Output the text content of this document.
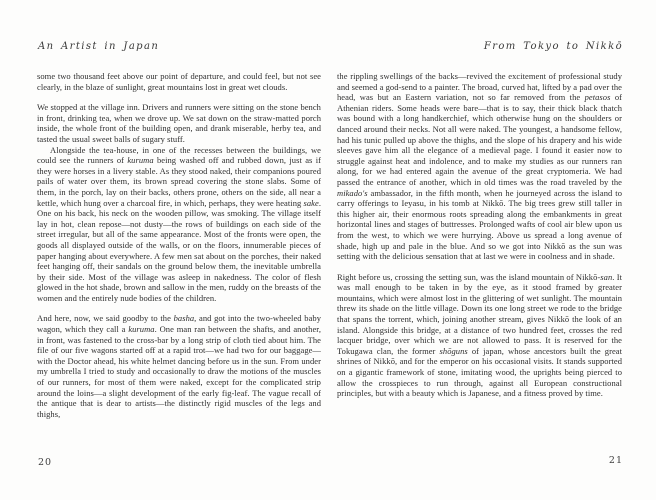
An Artist in Japan

some two thousand feet above our point of departure, and could feel, but not see clearly, in the blaze of sunlight, great mountains lost in great wet clouds.

We stopped at the village inn. Drivers and runners were sitting on the stone bench in front, drinking tea, when we drove up. We sat down on the straw-matted porch inside, the whole front of the building open, and drank miserable, herby tea, and tasted the usual sweet balls of sugary stuff.

Alongside the tea-house, in one of the recesses between the buildings, we could see the runners of kuruma being washed off and rubbed down, just as if they were horses in a livery stable. As they stood naked, their companions poured pails of water over them, its brown spread covering the stone slabs. Some of them, in the porch, lay on their backs, others prone, others on the side, all near a kettle, which hung over a charcoal fire, in which, perhaps, they were heating sake. One on his back, his neck on the wooden pillow, was smoking. The village itself lay in hot, clean repose—not dusty—the rows of buildings on each side of the street irregular, but all of the same appearance. Most of the fronts were open, the goods all displayed outside of the walls, or on the floors, innumerable pieces of paper hanging about everywhere. A few men sat about on the porches, their naked feet hanging off, their sandals on the ground below them, the inevitable umbrella by their side. Most of the village was asleep in nakedness. The color of flesh glowed in the hot shade, brown and sallow in the men, ruddy on the breasts of the women and the entirely nude bodies of the children.

And here, now, we said goodby to the basha, and got into the two-wheeled baby wagon, which they call a kuruma. One man ran between the shafts, and another, in front, was fastened to the cross-bar by a long strip of cloth tied about him. The file of our five wagons started off at a rapid trot—we had two for our baggage—with the Doctor ahead, his white helmet dancing before us in the sun. From under my umbrella I tried to study and occasionally to draw the motions of the muscles of our runners, for most of them were naked, except for the complicated strip around the loins—a slight development of the early fig-leaf. The vague recall of the antique that is dear to artists—the distinctly rigid muscles of the legs and thighs,

20
From Tokyo to Nikkō

the rippling swellings of the backs—revived the excitement of professional study and seemed a god-send to a painter. The broad, curved hat, lifted by a pad over the head, was but an Eastern variation, not so far removed from the petasos of Athenian riders. Some heads were bare—that is to say, their thick black thatch was bound with a long handkerchief, which otherwise hung on the shoulders or danced around their necks. Not all were naked. The youngest, a handsome fellow, had his tunic pulled up above the thighs, and the slope of his drapery and his wide sleeves gave him all the elegance of a medieval page. I found it easier now to struggle against heat and indolence, and to make my studies as our runners ran along, for we had entered again the avenue of the great cryptomeria. We had passed the entrance of another, which in old times was the road traveled by the mikado's ambassador, in the fifth month, when he journeyed across the island to carry offerings to Ieyasu, in his tomb at Nikkō. The big trees grew still taller in this higher air, their enormous roots spreading along the embankments in great horizontal lines and stages of buttresses. Prolonged wafts of cool air blew upon us from the west, to which we were hurrying. Above us spread a long avenue of shade, high up and pale in the blue. And so we got into Nikkō as the sun was setting with the delicious sensation that at last we were in coolness and in shade.

Right before us, crossing the setting sun, was the island mountain of Nikkō-san. It was mall enough to be taken in by the eye, as it stood framed by greater mountains, which were almost lost in the glittering of wet sunlight. The mountain threw its shade on the little village. Down its one long street we rode to the bridge that spans the torrent, which, joining another stream, gives Nikkō the look of an island. Alongside this bridge, at a distance of two hundred feet, crosses the red lacquer bridge, over which we are not allowed to pass. It is reserved for the Tokugawa clan, the former shōguns of japan, whose ancestors built the great shrines of Nikkō, and for the emperor on his occasional visits. It stands supported on a gigantic framework of stone, imitating wood, the uprights being pierced to allow the crosspieces to run through, against all European constructional principles, but with a beauty which is Japanese, and a fitness proved by time.

21
